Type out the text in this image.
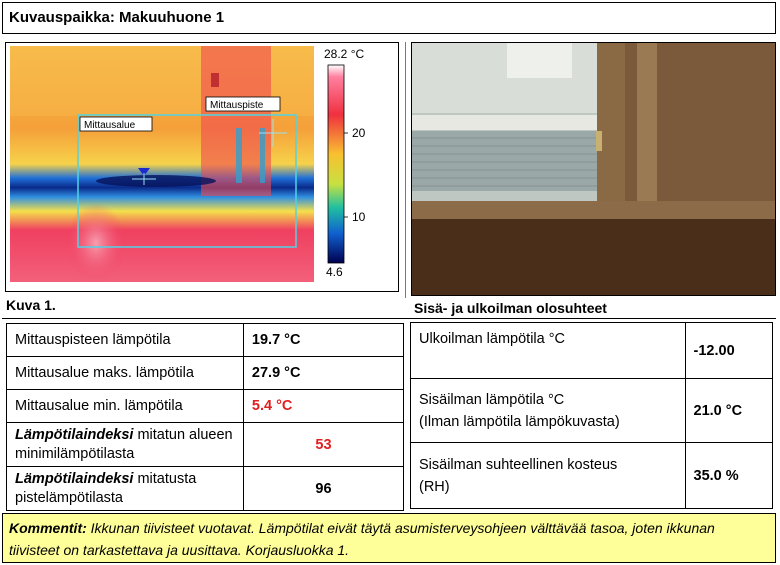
Kuvauspaikka: Makuuhuone 1
Mittausalue
Mittauspiste
28.2 °C
20
10
4.6
Kuva 1.	Sisä- ja ulkoilman olosuhteet
Mittauspisteen lämpötila	19.7 °C
Mittausalue maks. lämpötila	27.9 °C
Mittausalue min. lämpötila	5.4 °C
Lämpötilaindeksi mitatun alueen minimilämpötilasta	53
Lämpötilaindeksi mitatusta pistelämpötilasta	96
Ulkoilman lämpötila °C	-12.00

Sisäilman lämpötila °C
(Ilman lämpötila lämpökuvasta)	21.0 °C

Sisäilman suhteellinen kosteus
(RH)	35.0 %
Kommentit: Ikkunan tiivisteet vuotavat. Lämpötilat eivät täytä asumisterveysohjeen välttävää tasoa, joten ikkunan tiivisteet on tarkastettava ja uusittava. Korjausluokka 1.
